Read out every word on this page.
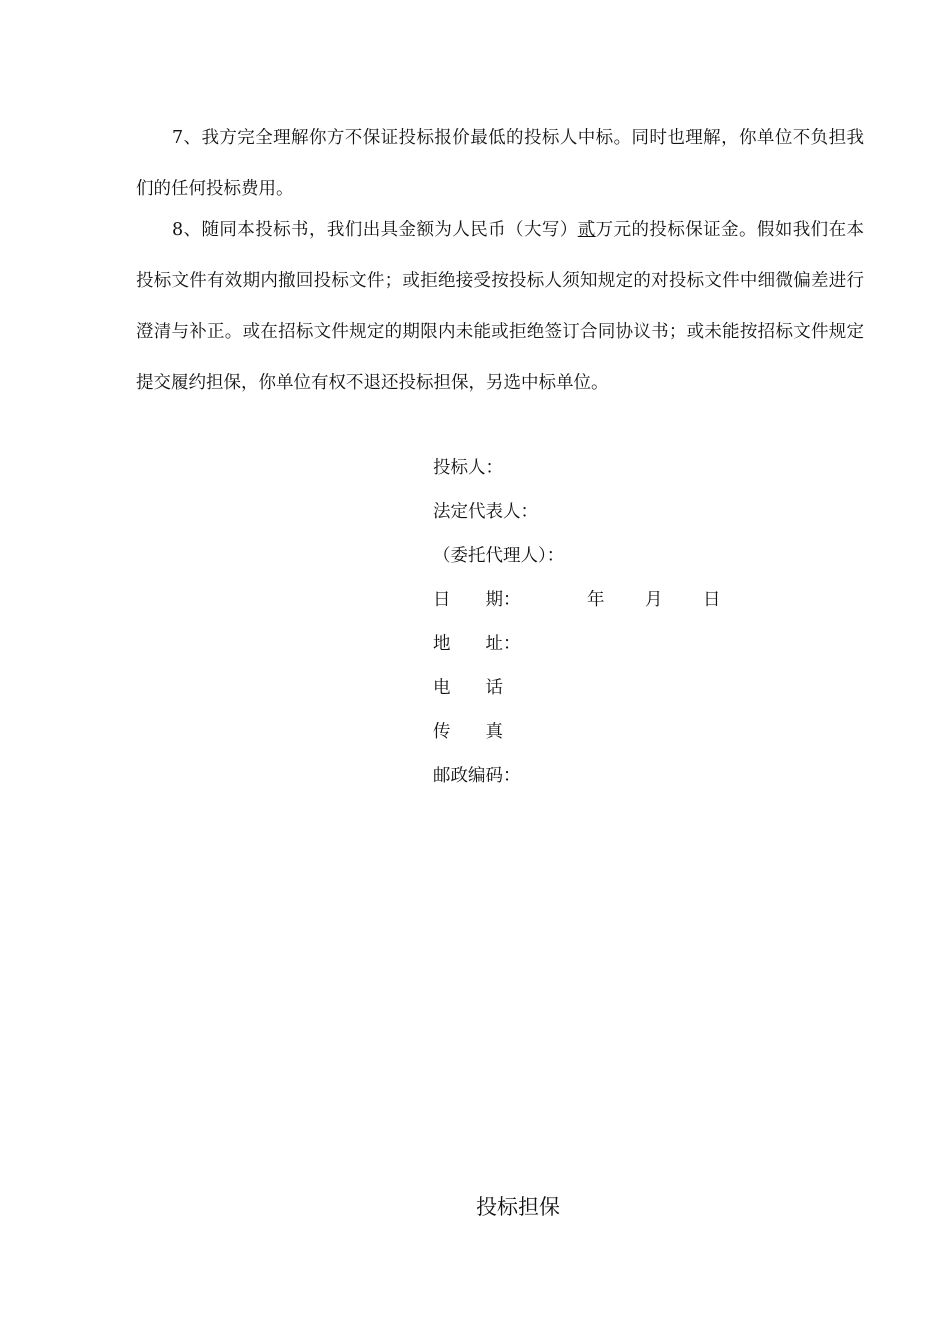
7、我方完全理解你方不保证投标报价最低的投标人中标。同时也理解，你单位不负担我们的任何投标费用。

8、随同本投标书，我们出具金额为人民币（大写）贰万元的投标保证金。假如我们在本投标文件有效期内撤回投标文件；或拒绝接受按投标人须知规定的对投标文件中细微偏差进行澄清与补正。或在招标文件规定的期限内未能或拒绝签订合同协议书；或未能按招标文件规定提交履约担保，你单位有权不退还投标担保，另选中标单位。

投标人：
法定代表人：
（委托代理人）：
日　　期：	年 月 日
地　　址：
电　　话
传　　真
邮政编码：
投标担保
